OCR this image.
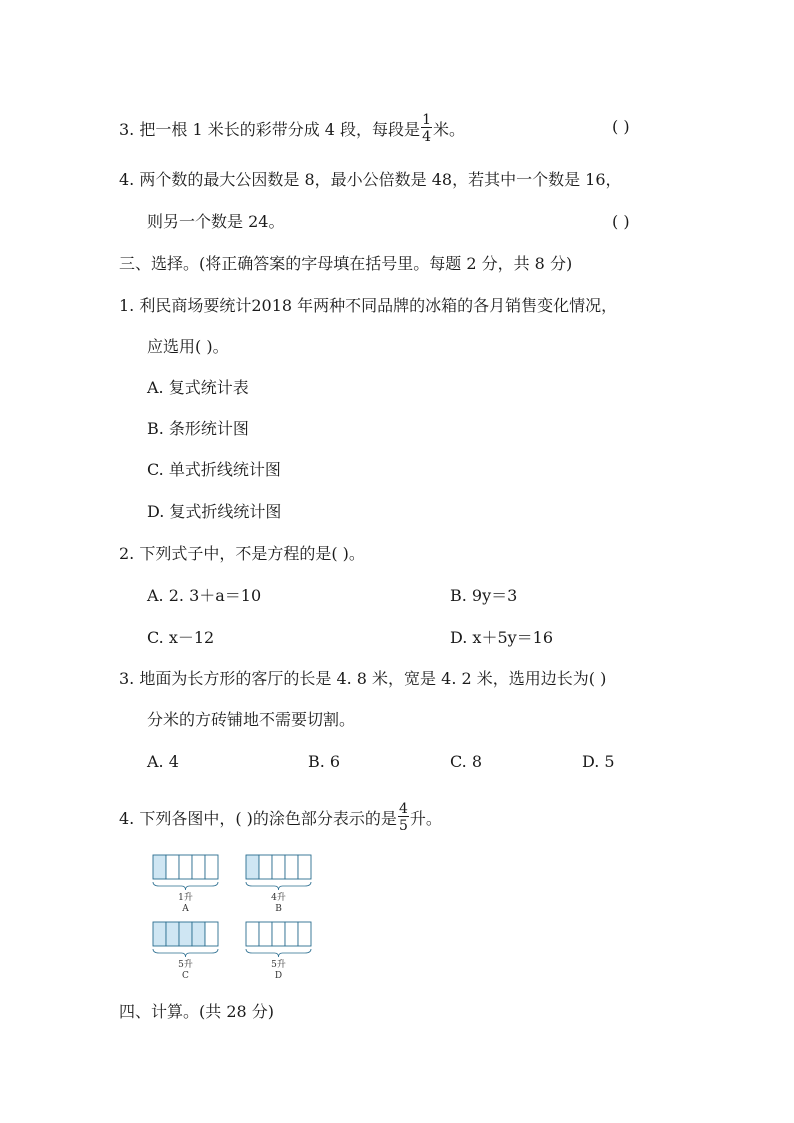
3. 把一根 1 米长的彩带分成 4 段，每段是 $\frac{1}{4}$ 米。	( )
4. 两个数的最大公因数是 8，最小公倍数是 48，若其中一个数是 16，
则另一个数是 24。	( )
三、选择。(将正确答案的字母填在括号里。每题 2 分，共 8 分)
1. 利民商场要统计2018 年两种不同品牌的冰箱的各月销售变化情况，
应选用( )。
A. 复式统计表
B. 条形统计图
C. 单式折线统计图
D. 复式折线统计图
2. 下列式子中，不是方程的是( )。
A. 2. 3＋a＝10	B. 9y＝3
C. x－12	D. x＋5y＝16
3. 地面为长方形的客厅的长是 4. 8 米，宽是 4. 2 米，选用边长为( )
分米的方砖铺地不需要切割。
A. 4	B. 6	C. 8	D. 5
4. 下列各图中，( )的涂色部分表示的是 $\frac{4}{5}$ 升。
1升
A
4升
B
5升
C
5升
D
四、计算。(共 28 分)
